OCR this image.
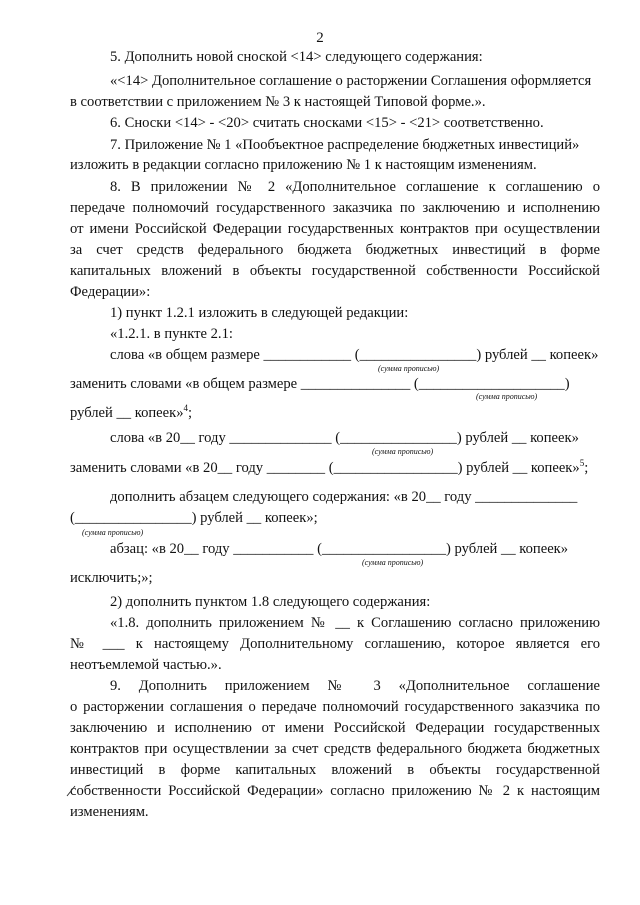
2
5. Дополнить новой сноской <14> следующего содержания:
«<14> Дополнительное соглашение о расторжении Соглашения оформляется
в соответствии с приложением № 3 к настоящей Типовой форме.».
6. Сноски <14> - <20> считать сносками <15> - <21> соответственно.
7. Приложение № 1 «Пообъектное распределение бюджетных инвестиций»
изложить в редакции согласно приложению № 1 к настоящим изменениям.
8. В приложении № 2 «Дополнительное соглашение к соглашению о
передаче полномочий государственного заказчика по заключению и исполнению
от имени Российской Федерации государственных контрактов при осуществлении
за счет средств федерального бюджета бюджетных инвестиций в форме
капитальных вложений в объекты государственной собственности Российской
Федерации»:
1) пункт 1.2.1 изложить в следующей редакции:
«1.2.1. в пункте 2.1:
слова «в общем размере ____________ (________________) рублей __ копеек»
(сумма прописью)
заменить словами «в общем размере _______________ (____________________)
(сумма прописью)
рублей __ копеек»$^4$;
слова «в 20__ году ______________ (________________) рублей __ копеек»
(сумма прописью)
заменить словами «в 20__ году ________ (_________________) рублей __ копеек»$^5$;
дополнить абзацем следующего содержания: «в 20__ году ______________
(________________) рублей __ копеек»;
(сумма прописью)
абзац: «в 20__ году ___________ (_________________) рублей __ копеек»
(сумма прописью)
исключить;»;
2) дополнить пунктом 1.8 следующего содержания:
«1.8. дополнить приложением № __ к Соглашению согласно приложению
№ ___ к настоящему Дополнительному соглашению, которое является его
неотъемлемой частью.».
9. Дополнить приложением № 3 «Дополнительное соглашение
о расторжении соглашения о передаче полномочий государственного заказчика по
заключению и исполнению от имени Российской Федерации государственных
контрактов при осуществлении за счет средств федерального бюджета бюджетных
инвестиций в форме капитальных вложений в объекты государственной
собственности Российской Федерации» согласно приложению № 2 к настоящим
изменениям.
